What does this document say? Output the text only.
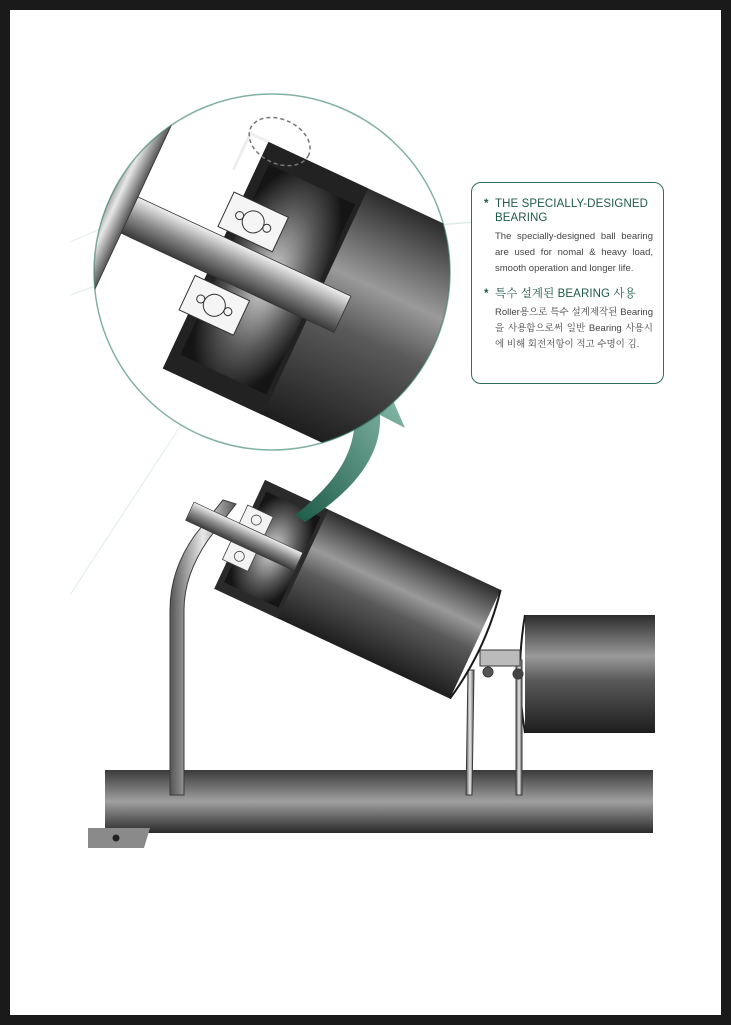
* THE SPECIALLY-DESIGNED BEARING
The specially-designed ball bearing are used for nomal & heavy load, smooth operation and longer life.
* 특수 설계된 BEARING 사용
Roller용으로 특수 설계제작된 Bearing을 사용함으로써 일반 Bearing 사용시에 비해 회전저항이 적고 수명이 김.
